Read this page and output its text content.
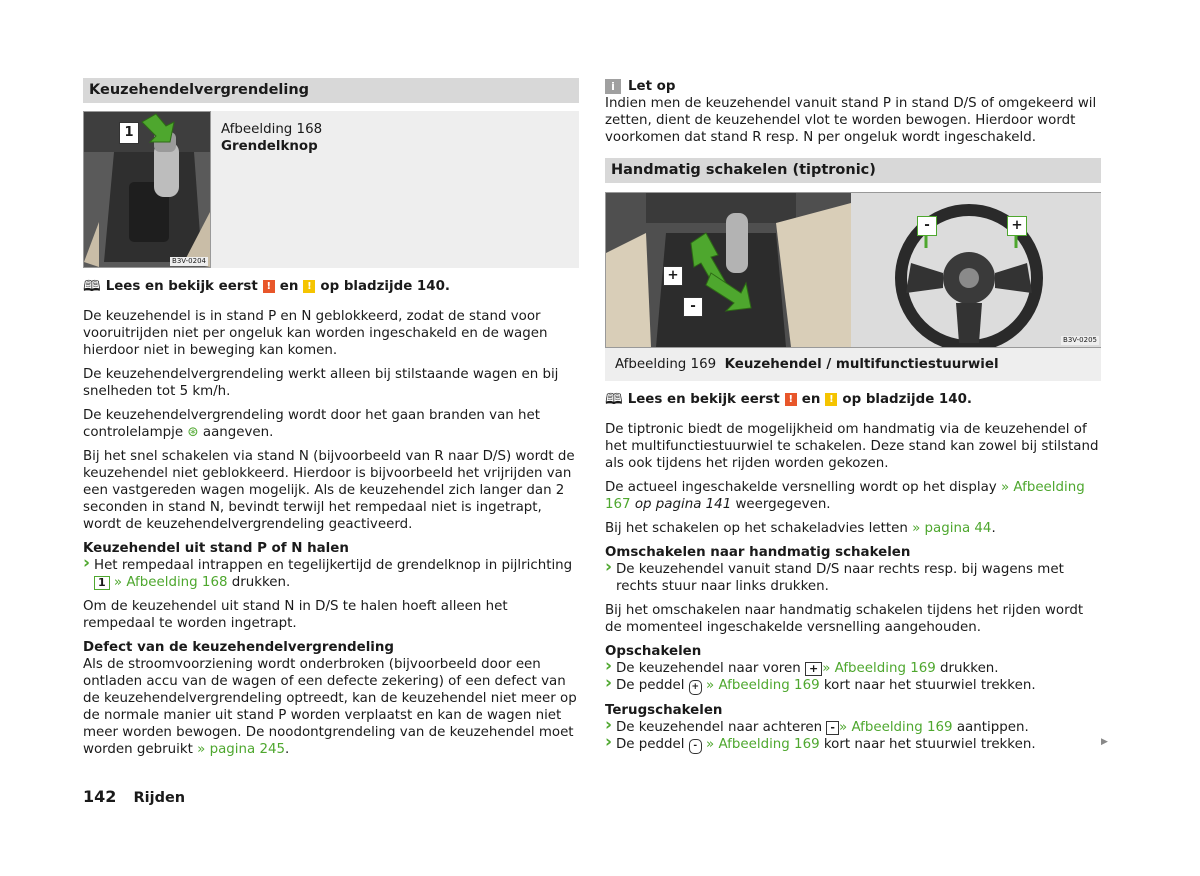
Keuzehendelvergrendeling
1
B3V-0204
Afbeelding 168
Grendelknop
🕮 Lees en bekijk eerst ! en ! op bladzijde 140.

De keuzehendel is in stand P en N geblokkeerd, zodat de stand voor vooruitrijden niet per ongeluk kan worden ingeschakeld en de wagen hierdoor niet in beweging kan komen.

De keuzehendelvergrendeling werkt alleen bij stilstaande wagen en bij snelheden tot 5 km/h.

De keuzehendelvergrendeling wordt door het gaan branden van het controlelampje ⊛ aangeven.

Bij het snel schakelen via stand N (bijvoorbeeld van R naar D/S) wordt de keuzehendel niet geblokkeerd. Hierdoor is bijvoorbeeld het vrijrijden van een vastgereden wagen mogelijk. Als de keuzehendel zich langer dan 2 seconden in stand N, bevindt terwijl het rempedaal niet is ingetrapt, wordt de keuzehendelvergrendeling geactiveerd.

Keuzehendel uit stand P of N halen

› Het rempedaal intrappen en tegelijkertijd de grendelknop in pijlrichting 1 » Afbeelding 168 drukken.

Om de keuzehendel uit stand N in D/S te halen hoeft alleen het rempedaal te worden ingetrapt.

Defect van de keuzehendelvergrendeling

Als de stroomvoorziening wordt onderbroken (bijvoorbeeld door een ontladen accu van de wagen of een defecte zekering) of een defect van de keuzehendelvergrendeling optreedt, kan de keuzehendel niet meer op de normale manier uit stand P worden verplaatst en kan de wagen niet meer worden bewogen. De noodontgrendeling van de keuzehendel moet worden gebruikt » pagina 245.

i Let op
Indien men de keuzehendel vanuit stand P in stand D/S of omgekeerd wil zetten, dient de keuzehendel vlot te worden bewogen. Hierdoor wordt voorkomen dat stand R resp. N per ongeluk wordt ingeschakeld.
Handmatig schakelen (tiptronic)
+
-
-	+
B3V-0205
Afbeelding 169 Keuzehendel / multifunctiestuurwiel
🕮 Lees en bekijk eerst ! en ! op bladzijde 140.

De tiptronic biedt de mogelijkheid om handmatig via de keuzehendel of het multifunctiestuurwiel te schakelen. Deze stand kan zowel bij stilstand als ook tijdens het rijden worden gekozen.

De actueel ingeschakelde versnelling wordt op het display » Afbeelding 167 op pagina 141 weergegeven.

Bij het schakelen op het schakeladvies letten » pagina 44.

Omschakelen naar handmatig schakelen

› De keuzehendel vanuit stand D/S naar rechts resp. bij wagens met rechts stuur naar links drukken.

Bij het omschakelen naar handmatig schakelen tijdens het rijden wordt de momenteel ingeschakelde versnelling aangehouden.

Opschakelen

› De keuzehendel naar voren + » Afbeelding 169 drukken.

› De peddel + » Afbeelding 169 kort naar het stuurwiel trekken.

Terugschakelen

› De keuzehendel naar achteren - » Afbeelding 169 aantippen.

› De peddel - » Afbeelding 169 kort naar het stuurwiel trekken.	▶
142 Rijden
